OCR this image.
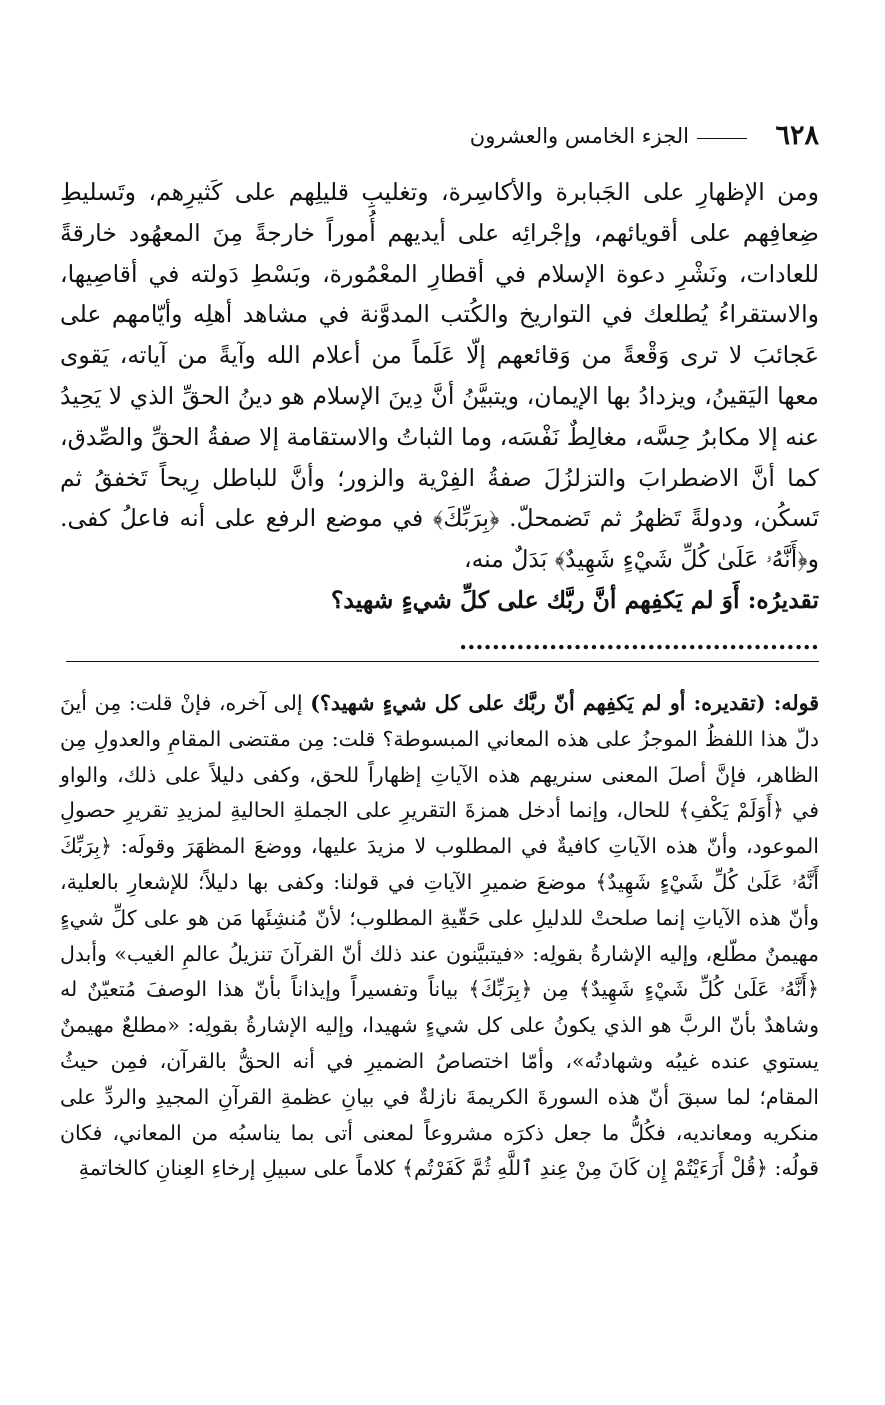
٦٢٨
الجزء الخامس والعشرون

ومن الإظهارِ على الجَبابرة والأكاسِرة، وتغليبِ قليلِهم على كَثيرِهم، وتَسليطِ ضِعافِهم على أقويائهم، وإجْرائِه على أيديهم أُموراً خارجةً مِنَ المعهُود خارقةً للعادات، ونَشْرِ دعوة الإسلام في أقطارِ المعْمُورة، وبَسْطِ دَولته في أقاصِيها، والاستقراءُ يُطلعك في التواريخ والكُتب المدوَّنة في مشاهد أهلِه وأيّامهم على عَجائبَ لا ترى وَقْعةً من وَقائعهم إلّا عَلَماً من أعلام الله وآيةً من آياته، يَقوى معها اليَقينُ، ويزدادُ بها الإيمان، ويتبيَّنُ أنَّ دِينَ الإسلام هو دينُ الحقِّ الذي لا يَحِيدُ عنه إلا مكابرُ حِسَّه، مغالِطٌ نَفْسَه، وما الثباتُ والاستقامة إلا صفةُ الحقِّ والصِّدق، كما أنَّ الاضطرابَ والتزلزُلَ صفةُ الفِرْية والزور؛ وأنَّ للباطل رِيحاً تَخفقُ ثم تَسكُن، ودولةً تَظهرُ ثم تَضمحلّ. ﴿بِرَبِّكَ﴾ في موضع الرفع على أنه فاعلُ كفى. و﴿أَنَّهُۥ عَلَىٰ كُلِّ شَيْءٍ شَهِيدٌ﴾ بَدَلٌ منه،

تقديرُه: أَوَ لم يَكفِهم أنَّ ربَّك على كلِّ شيءٍ شهيد؟ ............................................

قوله: (تقديره: أو لم يَكفِهم أنّ ربَّك على كل شيءٍ شهيد؟) إلى آخره، فإنْ قلت: مِن أينَ دلّ هذا اللفظُ الموجزُ على هذه المعاني المبسوطة؟ قلت: مِن مقتضى المقامِ والعدولِ مِن الظاهر، فإنَّ أصلَ المعنى سنريهم هذه الآياتِ إظهاراً للحق، وكفى دليلاً على ذلك، والواو في ﴿أَوَلَمْ يَكْفِ﴾ للحال، وإنما أدخل همزةَ التقريرِ على الجملةِ الحاليةِ لمزيدِ تقريرِ حصولِ الموعود، وأنّ هذه الآياتِ كافيةٌ في المطلوب لا مزيدَ عليها، ووضعَ المظهَرَ وقولَه: ﴿بِرَبِّكَ أَنَّهُۥ عَلَىٰ كُلِّ شَيْءٍ شَهِيدٌ﴾ موضعَ ضميرِ الآياتِ في قولنا: وكفى بها دليلاً؛ للإشعارِ بالعلية، وأنّ هذه الآياتِ إنما صلحتْ للدليلِ على حَقّيةِ المطلوب؛ لأنّ مُنشِئَها مَن هو على كلِّ شيءٍ مهيمنٌ مطّلع، وإليه الإشارةُ بقولِه: «فيتبيَّنون عند ذلك أنّ القرآنَ تنزيلُ عالمِ الغيب» وأبدل ﴿أَنَّهُۥ عَلَىٰ كُلِّ شَيْءٍ شَهِيدٌ﴾ مِن ﴿بِرَبِّكَ﴾ بياناً وتفسيراً وإيذاناً بأنّ هذا الوصفَ مُتعيّنٌ له وشاهدٌ بأنّ الربَّ هو الذي يكونُ على كل شيءٍ شهيدا، وإليه الإشارةُ بقولِه: «مطلعٌ مهيمنٌ يستوي عنده غيبُه وشهادتُه»، وأمّا اختصاصُ الضميرِ في أنه الحقُّ بالقرآن، فمِن حيثُ المقام؛ لما سبقَ أنّ هذه السورةَ الكريمةَ نازلةٌ في بيانِ عظمةِ القرآنِ المجيدِ والردِّ على منكريه ومعانديه، فكُلُّ ما جعل ذكرَه مشروعاً لمعنى أتى بما يناسبُه من المعاني، فكان قولُه: ﴿قُلْ أَرَءَيْتُمْ إِن كَانَ مِنْ عِندِ ٱللَّهِ ثُمَّ كَفَرْتُم﴾ كلاماً على سبيلِ إرخاءِ العِنانِ كالخاتمةِ
